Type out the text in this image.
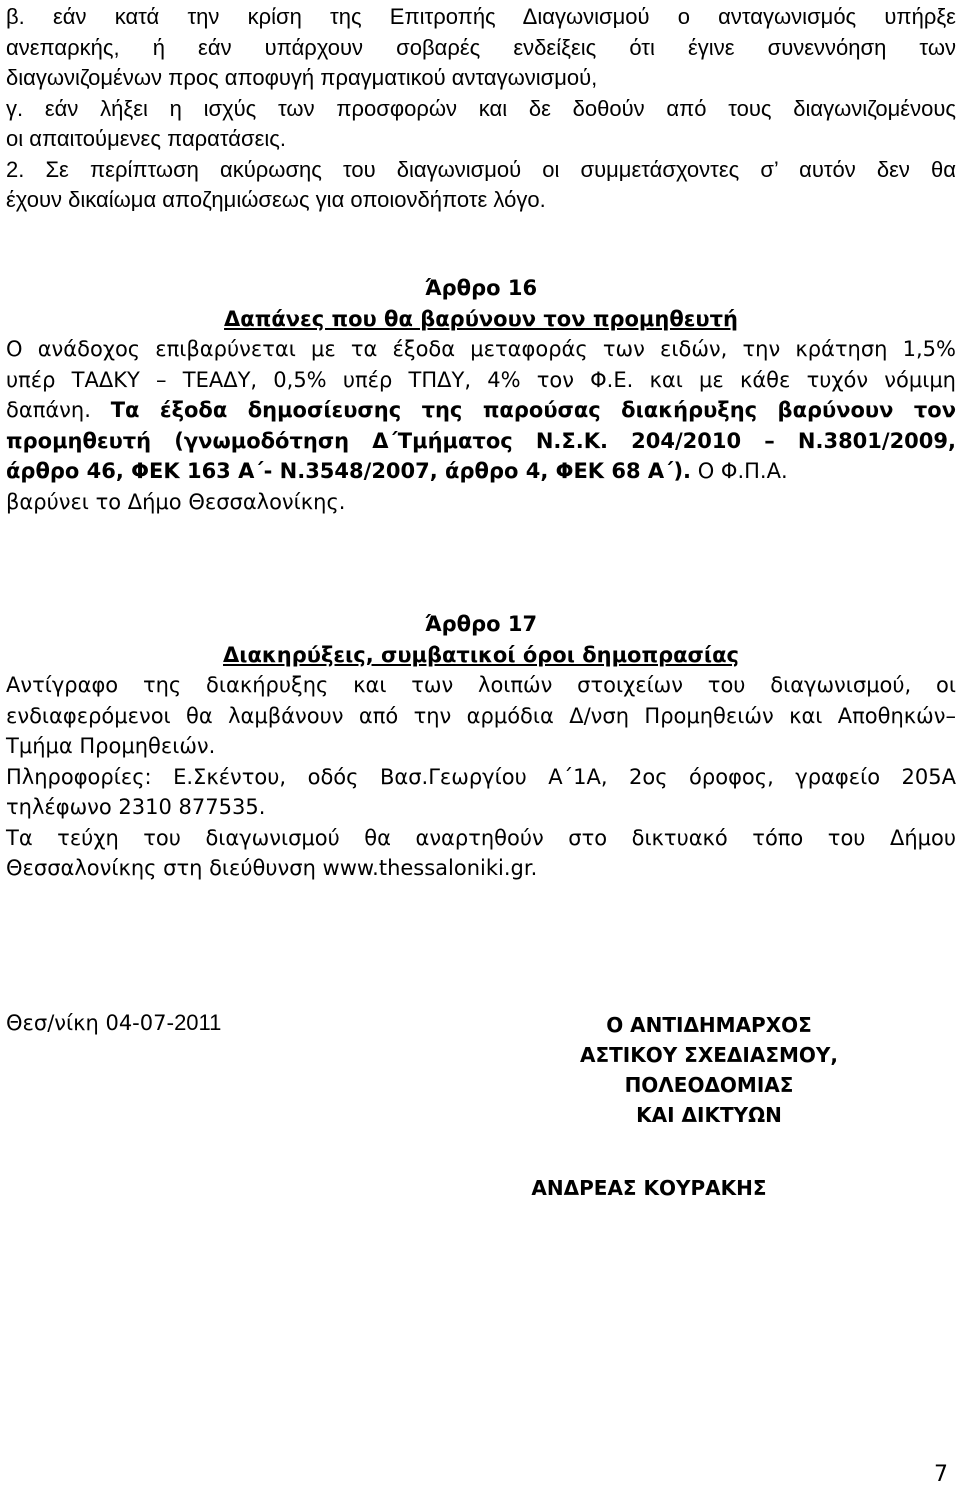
β. εάν κατά την κρίση της Επιτροπής Διαγωνισμού ο ανταγωνισμός υπήρξε
ανεπαρκής, ή εάν υπάρχουν σοβαρές ενδείξεις ότι έγινε συνεννόηση των
διαγωνιζομένων προς αποφυγή πραγματικού ανταγωνισμού,
γ. εάν λήξει η ισχύς των προσφορών και δε δοθούν από τους διαγωνιζομένους
οι απαιτούμενες παρατάσεις.
2. Σε περίπτωση ακύρωσης του διαγωνισμού οι συμμετάσχοντες σ’ αυτόν δεν θα
έχουν δικαίωμα αποζημιώσεως για οποιονδήποτε λόγο.
Άρθρο 16
Δαπάνες που θα βαρύνουν τον προμηθευτή
Ο ανάδοχος επιβαρύνεται με τα έξοδα μεταφοράς των ειδών, την κράτηση 1,5%
υπέρ ΤΑΔΚΥ – ΤΕΑΔΥ, 0,5% υπέρ ΤΠΔΥ, 4% τον Φ.Ε. και με κάθε τυχόν νόμιμη
δαπάνη. Τα έξοδα δημοσίευσης της παρούσας διακήρυξης βαρύνουν τον
προμηθευτή (γνωμοδότηση Δ΄Τμήματος Ν.Σ.Κ. 204/2010 – Ν.3801/2009,
άρθρο 46, ΦΕΚ 163 Α΄- Ν.3548/2007, άρθρο 4, ΦΕΚ 68 Α΄). Ο Φ.Π.Α.
βαρύνει το Δήμο Θεσσαλονίκης.
Άρθρο 17
Διακηρύξεις, συμβατικοί όροι δημοπρασίας
Αντίγραφο της διακήρυξης και των λοιπών στοιχείων του διαγωνισμού, οι
ενδιαφερόμενοι θα λαμβάνουν από την αρμόδια Δ/νση Προμηθειών και Αποθηκών–
Τμήμα Προμηθειών.
Πληροφορίες: Ε.Σκέντου, οδός Βασ.Γεωργίου Α΄1Α, 2ος όροφος, γραφείο 205Α
τηλέφωνο 2310 877535.
Τα τεύχη του διαγωνισμού θα αναρτηθούν στο δικτυακό τόπο του Δήμου
Θεσσαλονίκης στη διεύθυνση www.thessaloniki.gr.
Θεσ/νίκη 04-07-2011	Ο ΑΝΤΙΔΗΜΑΡΧΟΣ
ΑΣΤΙΚΟΥ ΣΧΕΔΙΑΣΜΟΥ, ΠΟΛΕΟΔΟΜΙΑΣ
ΚΑΙ ΔΙΚΤΥΩΝ
ΑΝΔΡΕΑΣ ΚΟΥΡΑΚΗΣ
7
